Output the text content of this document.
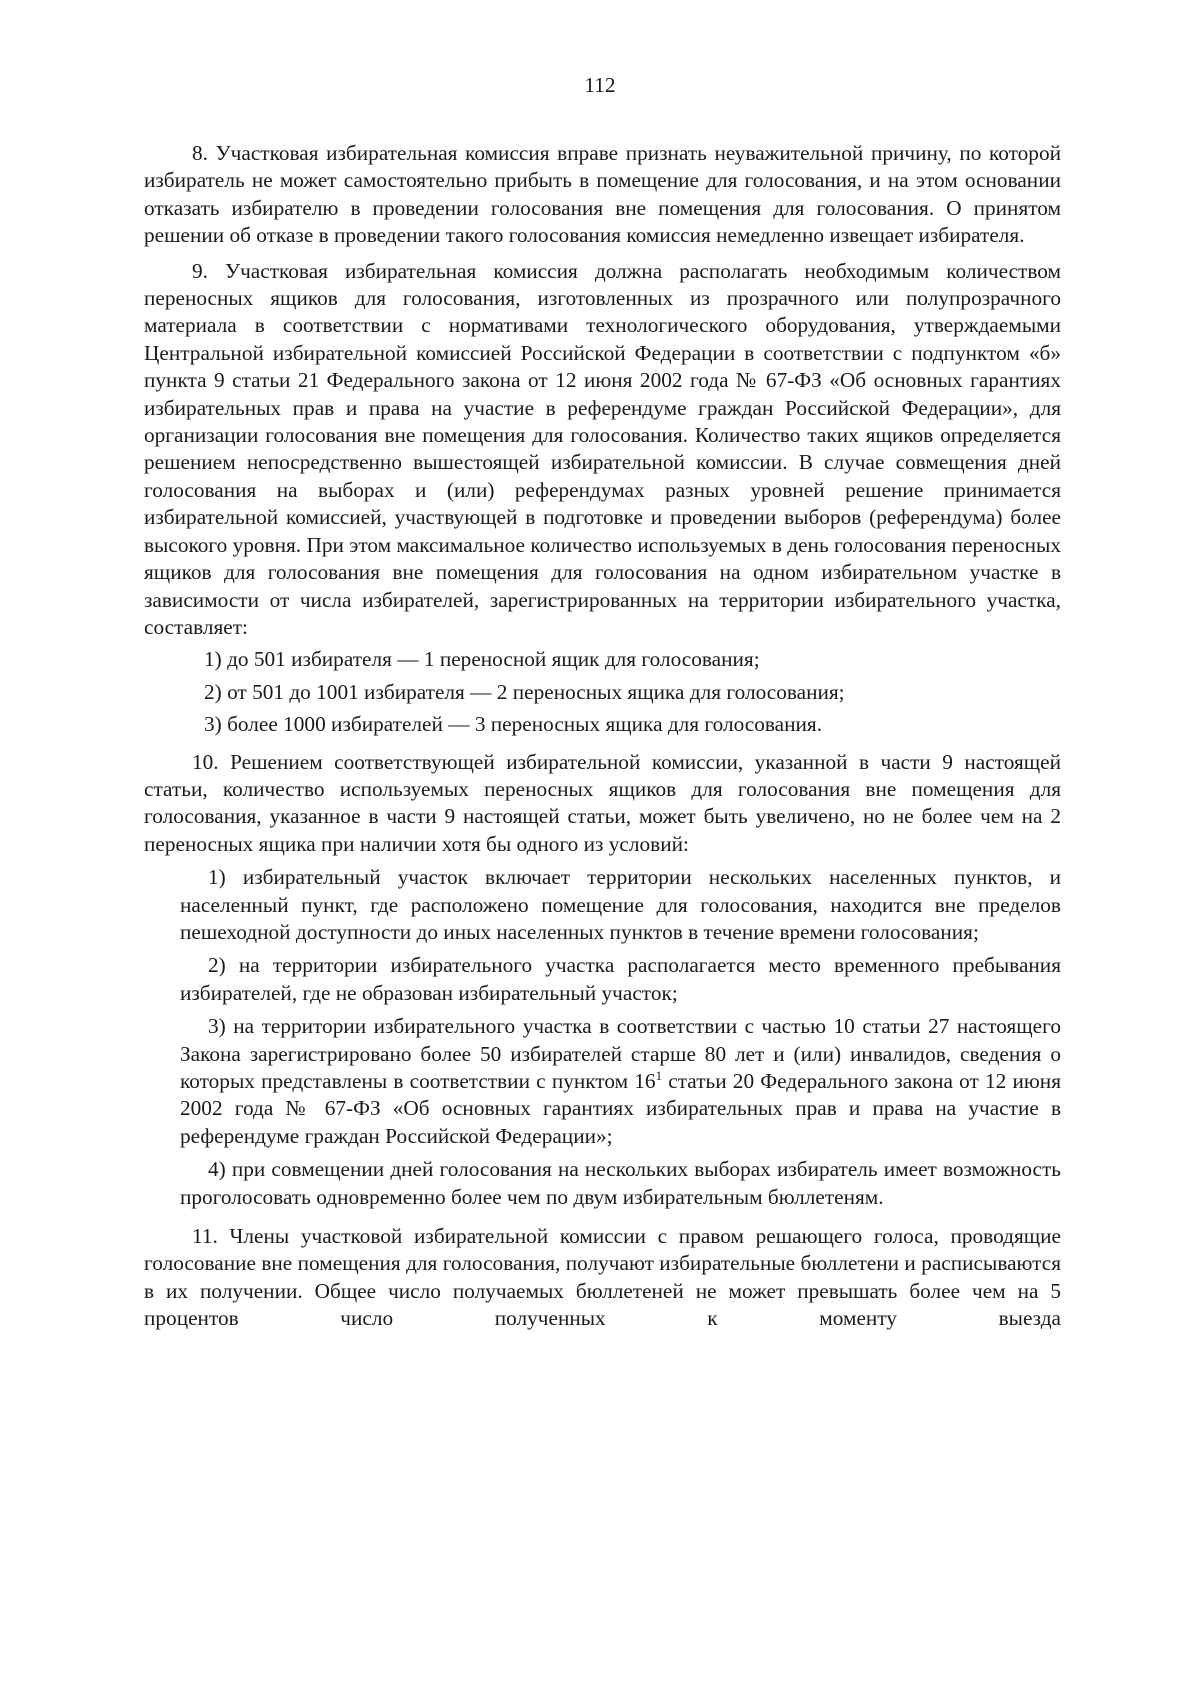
112

8. Участковая избирательная комиссия вправе признать неуважительной причину, по которой избиратель не может самостоятельно прибыть в помещение для голосования, и на этом основании отказать избирателю в проведении голосования вне помещения для голосования. О принятом решении об отказе в проведении такого голосования комиссия немедленно извещает избирателя.

9. Участковая избирательная комиссия должна располагать необходимым количеством переносных ящиков для голосования, изготовленных из прозрачного или полупрозрачного материала в соответствии с нормативами технологического оборудования, утверждаемыми Центральной избирательной комиссией Российской Федерации в соответствии с подпунктом «б» пункта 9 статьи 21 Федерального закона от 12 июня 2002 года № 67-ФЗ «Об основных гарантиях избирательных прав и права на участие в референдуме граждан Российской Федерации», для организации голосования вне помещения для голосования. Количество таких ящиков определяется решением непосредственно вышестоящей избирательной комиссии. В случае совмещения дней голосования на выборах и (или) референдумах разных уровней решение принимается избирательной комиссией, участвующей в подготовке и проведении выборов (референдума) более высокого уровня. При этом максимальное количество используемых в день голосования переносных ящиков для голосования вне помещения для голосования на одном избирательном участке в зависимости от числа избирателей, зарегистрированных на территории избирательного участка, составляет:

1) до 501 избирателя — 1 переносной ящик для голосования;

2) от 501 до 1001 избирателя — 2 переносных ящика для голосования;

3) более 1000 избирателей — 3 переносных ящика для голосования.

10. Решением соответствующей избирательной комиссии, указанной в части 9 настоящей статьи, количество используемых переносных ящиков для голосования вне помещения для голосования, указанное в части 9 настоящей статьи, может быть увеличено, но не более чем на 2 переносных ящика при наличии хотя бы одного из условий:

1) избирательный участок включает территории нескольких населенных пунктов, и населенный пункт, где расположено помещение для голосования, находится вне пределов пешеходной доступности до иных населенных пунктов в течение времени голосования;

2) на территории избирательного участка располагается место временного пребывания избирателей, где не образован избирательный участок;

3) на территории избирательного участка в соответствии с частью 10 статьи 27 настоящего Закона зарегистрировано более 50 избирателей старше 80 лет и (или) инвалидов, сведения о которых представлены в соответствии с пунктом $16^1$ статьи 20 Федерального закона от 12 июня 2002 года № 67-ФЗ «Об основных гарантиях избирательных прав и права на участие в референдуме граждан Российской Федерации»;

4) при совмещении дней голосования на нескольких выборах избиратель имеет возможность проголосовать одновременно более чем по двум избирательным бюллетеням.

11. Члены участковой избирательной комиссии с правом решающего голоса, проводящие голосование вне помещения для голосования, получают избирательные бюллетени и расписываются в их получении. Общее число получаемых бюллетеней не может превышать более чем на 5 процентов число полученных к моменту выезда
